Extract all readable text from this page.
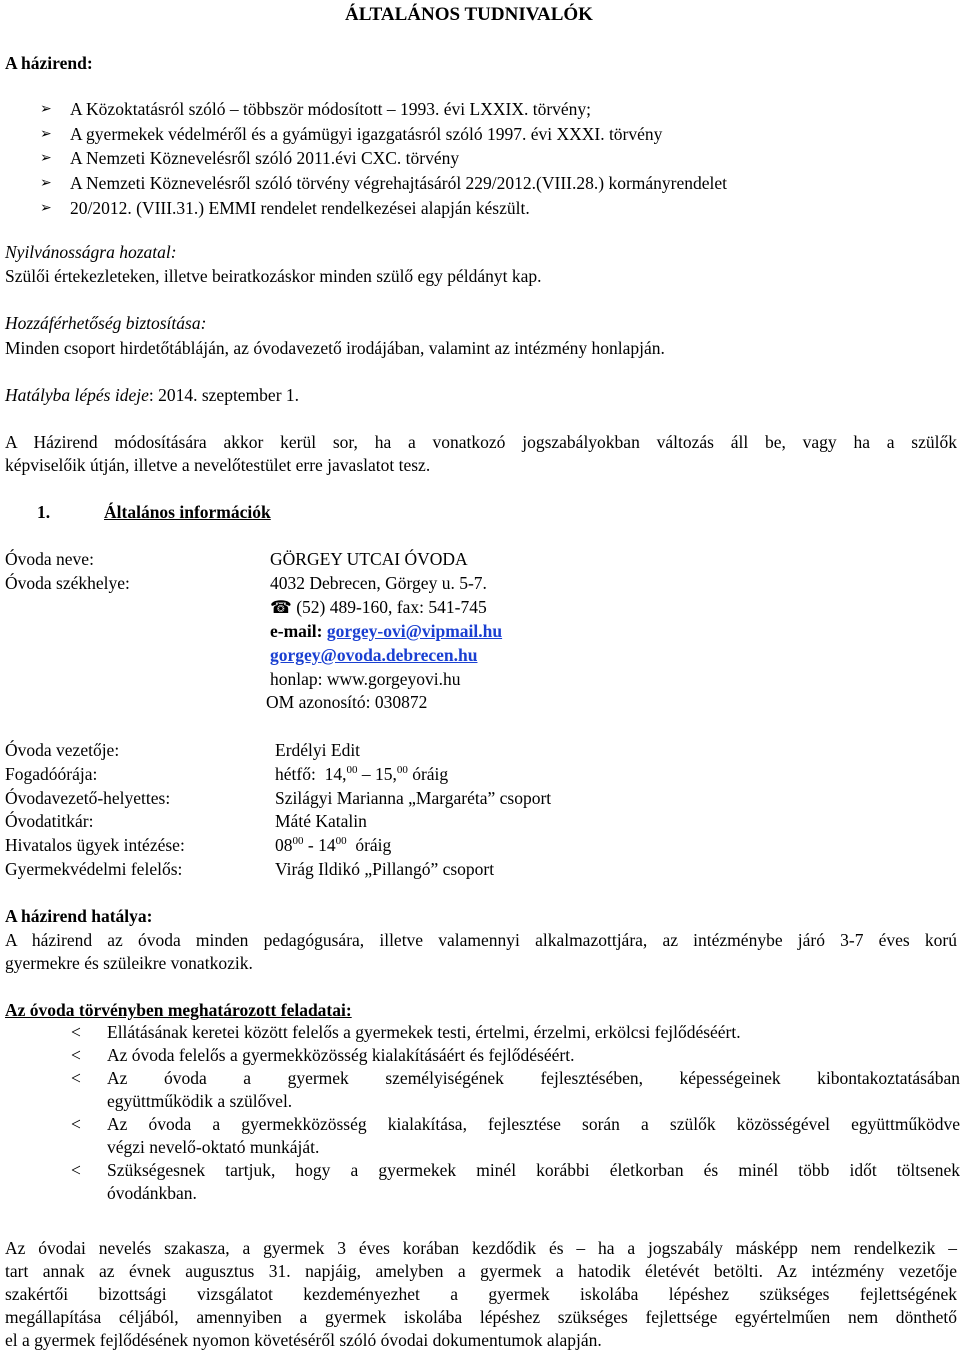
ÁLTALÁNOS TUDNIVALÓK
A házirend:
➢ A Közoktatásról szóló – többször módosított – 1993. évi LXXIX. törvény;
➢ A gyermekek védelméről és a gyámügyi igazgatásról szóló 1997. évi XXXI. törvény
➢ A Nemzeti Köznevelésről szóló 2011.évi CXC. törvény
➢ A Nemzeti Köznevelésről szóló törvény végrehajtásáról 229/2012.(VIII.28.) kormányrendelet
➢ 20/2012. (VIII.31.) EMMI rendelet rendelkezései alapján készült.
Nyilvánosságra hozatal:
Szülői értekezleteken, illetve beiratkozáskor minden szülő egy példányt kap.
Hozzáférhetőség biztosítása:
Minden csoport hirdetőtábláján, az óvodavezető irodájában, valamint az intézmény honlapján.
Hatályba lépés ideje: 2014. szeptember 1.
A Házirend módosítására akkor kerül sor, ha a vonatkozó jogszabályokban változás áll be, vagy ha a szülők
képviselőik útján, illetve a nevelőtestület erre javaslatot tesz.
1.	Általános információk
Óvoda neve:	GÖRGEY UTCAI ÓVODA
Óvoda székhelye:	4032 Debrecen, Görgey u. 5-7.
☎ (52) 489-160, fax: 541-745
e-mail: gorgey-ovi@vipmail.hu
gorgey@ovoda.debrecen.hu
honlap: www.gorgeyovi.hu
OM azonosító: 030872
Óvoda vezetője:	Erdélyi Edit
Fogadóórája:	hétfő:  14,00 – 15,00 óráig
Óvodavezető-helyettes:	Szilágyi Marianna „Margaréta” csoport
Óvodatitkár:	Máté Katalin
Hivatalos ügyek intézése:	$08^{00} - 14^{00}$  óráig
Gyermekvédelmi felelős:	Virág Ildikó „Pillangó” csoport
A házirend hatálya:
A házirend az óvoda minden pedagógusára, illetve valamennyi alkalmazottjára, az intézménybe járó 3-7 éves korú
gyermekre és szüleikre vonatkozik.
Az óvoda törvényben meghatározott feladatai:
< Ellátásának keretei között felelős a gyermekek testi, értelmi, érzelmi, erkölcsi fejlődéséért.
< Az óvoda felelős a gyermekközösség kialakításáért és fejlődéséért.
< Az óvoda a gyermek személyiségének fejlesztésében, képességeinek kibontakoztatásában
együttműködik a szülővel.
< Az óvoda a gyermekközösség kialakítása, fejlesztése során a szülők közösségével együttműködve
végzi nevelő-oktató munkáját.
< Szükségesnek tartjuk, hogy a gyermekek minél korábbi életkorban és minél több időt töltsenek
óvodánkban.
Az óvodai nevelés szakasza, a gyermek 3 éves korában kezdődik és – ha a jogszabály másképp nem rendelkezik –
tart annak az évnek augusztus 31. napjáig, amelyben a gyermek a hatodik életévét betölti. Az intézmény vezetője
szakértői bizottsági vizsgálatot kezdeményezhet a gyermek iskolába lépéshez szükséges fejlettségének
megállapítása céljából, amennyiben a gyermek iskolába lépéshez szükséges fejlettsége egyértelműen nem dönthető
el a gyermek fejlődésének nyomon követéséről szóló óvodai dokumentumok alapján.
